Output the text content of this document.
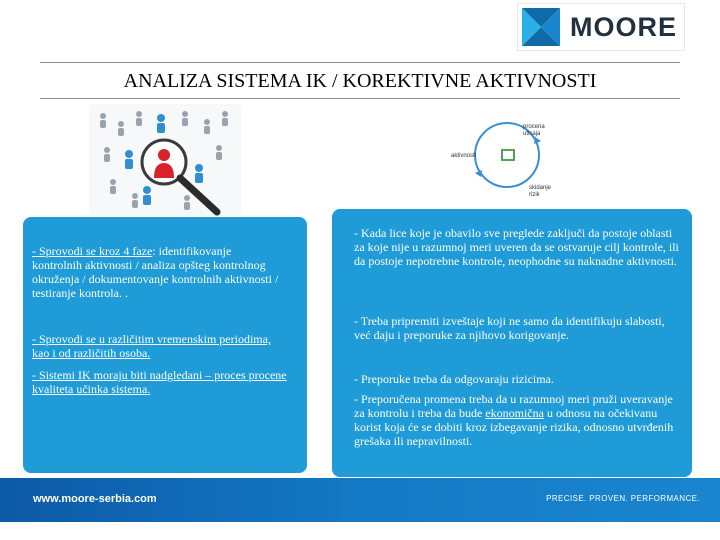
MOORE
ANALIZA SISTEMA IK / KOREKTIVNE AKTIVNOSTI
procena uticaja
aktivnosti
skidanje rizik

- Sprovodi se kroz 4 faze: identifikovanje kontrolnih aktivnosti / analiza opšteg kontrolnog okruženja / dokumentovanje kontrolnih aktivnosti / testiranje kontrola. .

- Sprovodi se u različitim vremenskim periodima, kao i od različitih osoba.

- Sistemi IK moraju biti nadgledani – proces procene kvaliteta učinka sistema.

- Kada lice koje je obavilo sve preglede zaključi da postoje oblasti za koje nije u razumnoj meri uveren da se ostvaruje cilj kontrole, ili da postoje nepotrebne kontrole, neophodne su naknadne aktivnosti.

- Treba pripremiti izveštaje koji ne samo da identifikuju slabosti, već daju i preporuke za njihovo korigovanje.

- Preporuke treba da odgovaraju rizicima.

- Preporučena promena treba da u razumnoj meri pruži uveravanje za kontrolu i treba da bude ekonomična u odnosu na očekivanu korist koja će se dobiti kroz izbegavanje rizika, odnosno utvrđenih grešaka ili nepravilnosti.

www.moore-serbia.com	PRECISE. PROVEN. PERFORMANCE.
